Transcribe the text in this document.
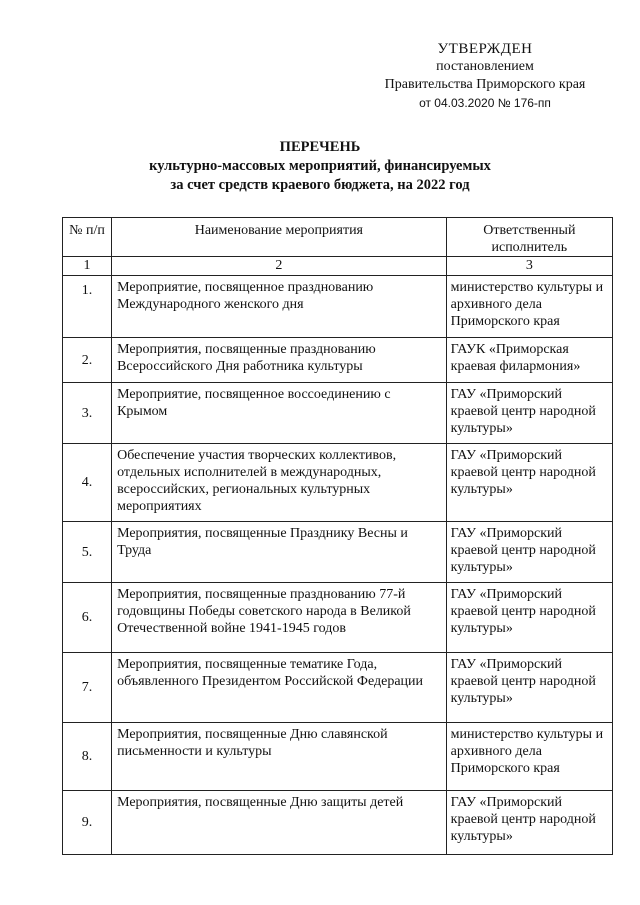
УТВЕРЖДЕН
постановлением
Правительства Приморского края
от 04.03.2020 № 176-пп
ПЕРЕЧЕНЬ
культурно-массовых мероприятий, финансируемых
за счет средств краевого бюджета, на 2022 год
№ п/п	Наименование мероприятия	Ответственный исполнитель
1	2	3
1.	Мероприятие, посвященное празднованию Международного женского дня	министерство культуры и архивного дела Приморского края
2.	Мероприятия, посвященные празднованию Всероссийского Дня работника культуры	ГАУК «Приморская краевая филармония»
3.	Мероприятие, посвященное воссоединению с Крымом	ГАУ «Приморский краевой центр народной культуры»
4.	Обеспечение участия творческих коллективов, отдельных исполнителей в международных, всероссийских, региональных культурных мероприятиях	ГАУ «Приморский краевой центр народной культуры»
5.	Мероприятия, посвященные Празднику Весны и Труда	ГАУ «Приморский краевой центр народной культуры»
6.	Мероприятия, посвященные празднованию 77-й годовщины Победы советского народа в Великой Отечественной войне 1941-1945 годов	ГАУ «Приморский краевой центр народной культуры»
7.	Мероприятия, посвященные тематике Года, объявленного Президентом Российской Федерации	ГАУ «Приморский краевой центр народной культуры»
8.	Мероприятия, посвященные Дню славянской письменности и культуры	министерство культуры и архивного дела Приморского края
9.	Мероприятия, посвященные Дню защиты детей	ГАУ «Приморский краевой центр народной культуры»
